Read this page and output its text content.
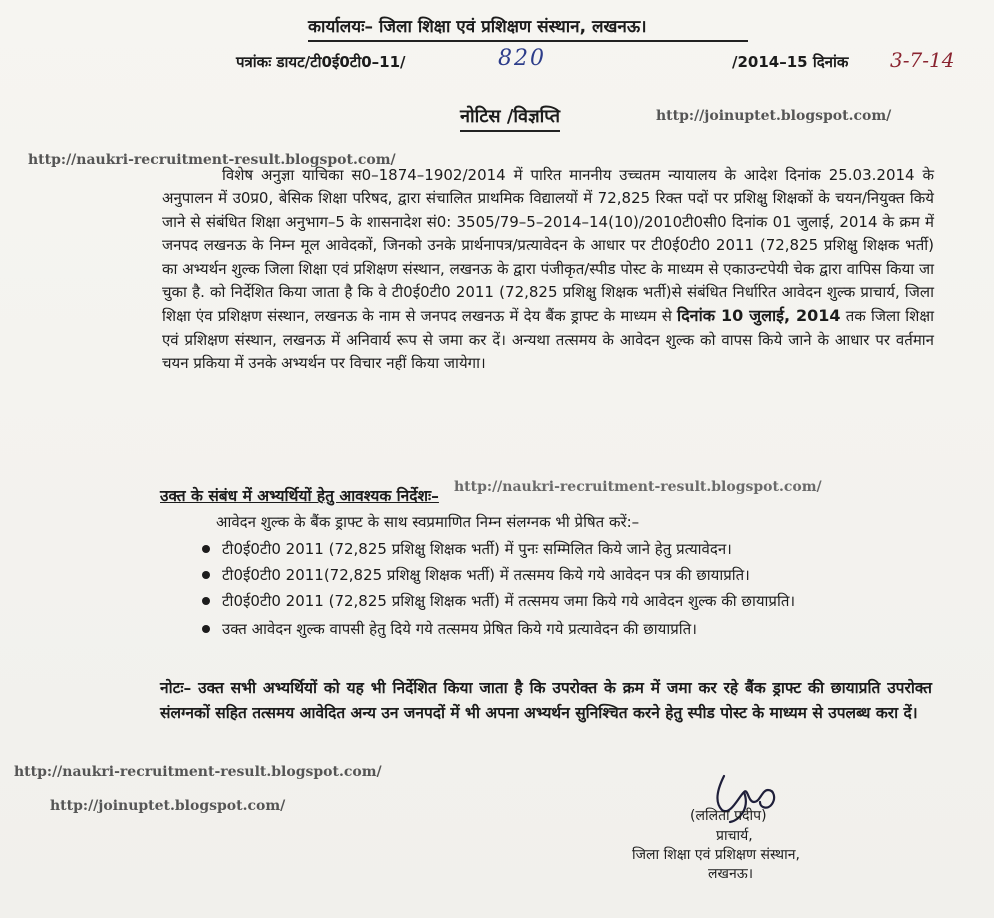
कार्यालयः– जिला शिक्षा एवं प्रशिक्षण संस्थान, लखनऊ।
पत्रांकः डायट/टी0ई0टी0–11/	820	/2014–15 दिनांक 3-7-14
नोटिस /विज्ञप्ति	http://joinuptet.blogspot.com/
http://naukri-recruitment-result.blogspot.com/

विशेष अनुज्ञा याचिका स0–1874–1902/2014 में पारित माननीय उच्चतम न्यायालय के आदेश दिनांक 25.03.2014 के अनुपालन में उ0प्र0, बेसिक शिक्षा परिषद, द्वारा संचालित प्राथमिक विद्यालयों में 72,825 रिक्त पदों पर प्रशिक्षु शिक्षकों के चयन/नियुक्त किये जाने से संबंधित शिक्षा अनुभाग–5 के शासनादेश सं0: 3505/79–5–2014–14(10)/2010टी0सी0 दिनांक 01 जुलाई, 2014 के क्रम में जनपद लखनऊ के निम्न मूल आवेदकों, जिनको उनके प्रार्थनापत्र/प्रत्यावेदन के आधार पर टी0ई0टी0 2011 (72,825 प्रशिक्षु शिक्षक भर्ती) का अभ्यर्थन शुल्क जिला शिक्षा एवं प्रशिक्षण संस्थान, लखनऊ के द्वारा पंजीकृत/स्पीड पोस्ट के माध्यम से एकाउन्टपेयी चेक द्वारा वापिस किया जा चुका है. को निर्देशित किया जाता है कि वे टी0ई0टी0 2011 (72,825 प्रशिक्षु शिक्षक भर्ती)से संबंधित निर्धारित आवेदन शुल्क प्राचार्य, जिला शिक्षा एंव प्रशिक्षण संस्थान, लखनऊ के नाम से जनपद लखनऊ में देय बैंक ड्राफ्ट के माध्यम से दिनांक 10 जुलाई, 2014 तक जिला शिक्षा एवं प्रशिक्षण संस्थान, लखनऊ में अनिवार्य रूप से जमा कर दें। अन्यथा तत्समय के आवेदन शुल्क को वापस किये जाने के आधार पर वर्तमान चयन प्रकिया में उनके अभ्यर्थन पर विचार नहीं किया जायेगा।

उक्त के संबंध में अभ्यर्थियों हेतु आवश्यक निर्देशः– http://naukri-recruitment-result.blogspot.com/
आवेदन शुल्क के बैंक ड्राफ्ट के साथ स्वप्रमाणित निम्न संलग्नक भी प्रेषित करें:–
टी0ई0टी0 2011 (72,825 प्रशिक्षु शिक्षक भर्ती) में पुनः सम्मिलित किये जाने हेतु प्रत्यावेदन।
टी0ई0टी0 2011(72,825 प्रशिक्षु शिक्षक भर्ती) में तत्समय किये गये आवेदन पत्र की छायाप्रति।
टी0ई0टी0 2011 (72,825 प्रशिक्षु शिक्षक भर्ती) में तत्समय जमा किये गये आवेदन शुल्क की छायाप्रति।
उक्त आवेदन शुल्क वापसी हेतु दिये गये तत्समय प्रेषित किये गये प्रत्यावेदन की छायाप्रति।

नोटः– उक्त सभी अभ्यर्थियों को यह भी निर्देशित किया जाता है कि उपरोक्त के क्रम में जमा कर रहे बैंक ड्राफ्ट की छायाप्रति उपरोक्त संलग्नकों सहित तत्समय आवेदित अन्य उन जनपदों में भी अपना अभ्यर्थन सुनिश्चित करने हेतु स्पीड पोस्ट के माध्यम से उपलब्ध करा दें।

http://naukri-recruitment-result.blogspot.com/
http://joinuptet.blogspot.com/
(ललिता प्रदीप)
प्राचार्य,
जिला शिक्षा एवं प्रशिक्षण संस्थान,
लखनऊ।
